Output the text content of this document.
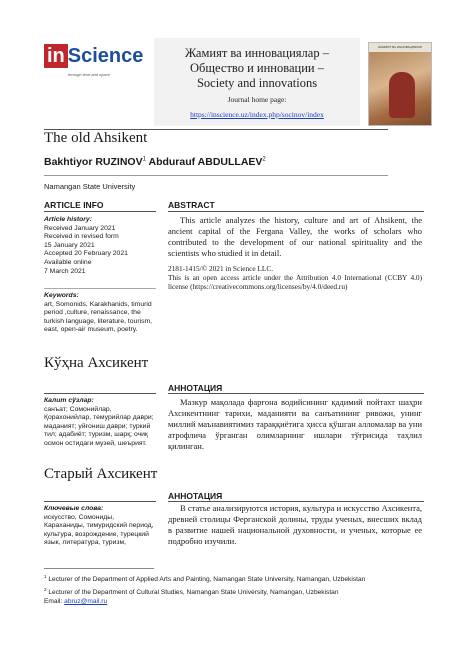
in Science
through time and space
Жамият ва инновациялар –
Общество и инновации –
Society and innovations
Journal home page:
https://inscience.uz/index.php/socinov/index
ЖАМИЯТ ВА ИННОВАЦИЯЛАР
The old Ahsikent
Bakhtiyor RUZINOV$^1$ Abdurauf ABDULLAEV$^2$
Namangan State University
ARTICLE INFO	ABSTRACT
Article history:
Received January 2021
Received in revised form
15 January 2021
Accepted 20 February 2021
Available online
7 March 2021
Keywords:
art, Somonids, Karakhanids, timurid period ,culture, renaissance, the turkish language, literature, tourism, east, open-air museum, poetry.
This article analyzes the history, culture and art of Ahsikent, the ancient capital of the Fergana Valley, the works of scholars who contributed to the development of our national spirituality and the scientists who studied it in detail.
2181-1415/© 2021 in Science LLC.
This is an open access article under the Attribution 4.0 International (CCBY 4.0) license (https://creativecommons.org/licenses/by/4.0/deed.ru)
Кўҳна Ахсикент
АННОТАЦИЯ
Калит сўзлар:
санъат; Сомонийлар, Қорахонийлар, темурийлар даври; маданият; уйғониш даври; туркий тил; адабиёт; туризм, шарқ; очиқ осмон остидаги музей, шеърият.
Мазкур мақолада фарғона водийсининг қадимий пойтахт шаҳри Ахсикентнинг тарихи, маданияти ва санъатининг ривожи, унинг миллий маънавиятимиз тараққиётига ҳисса қўшган алломалар ва уни атрофлича ўрганган олимларнинг ишлари тўғрисида таҳлил қилинган.
Старый Ахсикент
АННОТАЦИЯ
Ключевые слова:
искусство, Сомониды, Караханиды, тимуридский период, культура, возрождение, турецкий язык, литература, туризм,
В статье анализируются история, культура и искусство Ахсикента, древней столицы Ферганской долины, труды ученых, внесших вклад в развитие нашей национальной духовности, и ученых, которые ее подробно изучили.
$^1$ Lecturer of the Department of Applied Arts and Painting, Namangan State University, Namangan, Uzbekistan
$^2$ Lecturer of the Department of Cultural Studies, Namangan State University, Namangan, Uzbekistan
Email: abruz@mail.ru
